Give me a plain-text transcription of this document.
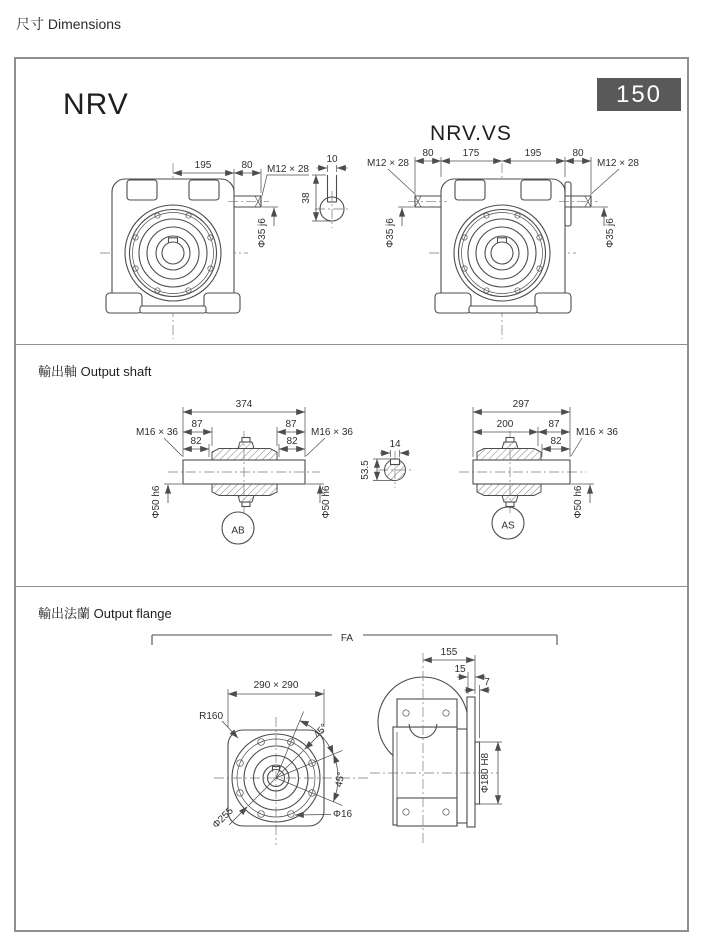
尺寸 Dimensions
150
NRV
NRV.VS
195	80 M12 × 28
Φ35 j6
10
38
80	175	195	80
M12 × 28	M12 × 28
Φ35 j6	Φ35 j6
輸出軸 Output shaft
374
87	87
82	82
M16 × 36	M16 × 36
Φ50 h6	Φ50 h6
AB
14
53.5
297
200	87
82
M16 × 36
Φ50 h6
AS
輸出法蘭 Output flange
FA
45°
45°
290 × 290
R160
Φ255	Φ16
155
15
7
Φ180 H8
